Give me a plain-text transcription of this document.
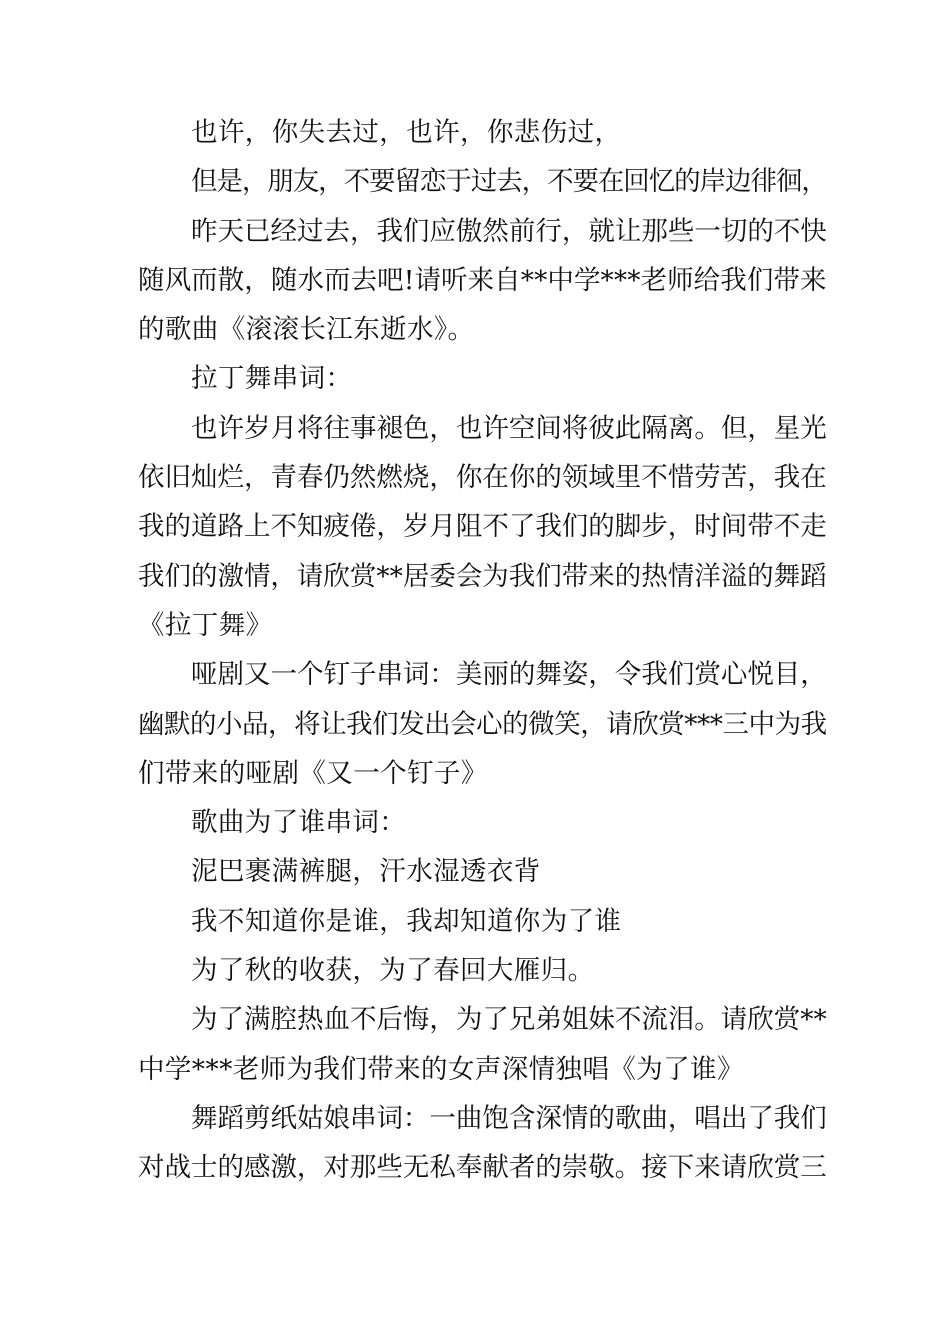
也许，你失去过，也许，你悲伤过，
但是，朋友，不要留恋于过去，不要在回忆的岸边徘徊，
昨天已经过去，我们应傲然前行，就让那些一切的不快
随风而散，随水而去吧!请听来自**中学***老师给我们带来
的歌曲《滚滚长江东逝水》。
拉丁舞串词：
也许岁月将往事褪色，也许空间将彼此隔离。但，星光
依旧灿烂，青春仍然燃烧，你在你的领域里不惜劳苦，我在
我的道路上不知疲倦，岁月阻不了我们的脚步，时间带不走
我们的激情，请欣赏**居委会为我们带来的热情洋溢的舞蹈
《拉丁舞》
哑剧又一个钉子串词：美丽的舞姿，令我们赏心悦目，
幽默的小品，将让我们发出会心的微笑，请欣赏***三中为我
们带来的哑剧《又一个钉子》
歌曲为了谁串词：
泥巴裹满裤腿，汗水湿透衣背
我不知道你是谁，我却知道你为了谁
为了秋的收获，为了春回大雁归。
为了满腔热血不后悔，为了兄弟姐妹不流泪。请欣赏**
中学***老师为我们带来的女声深情独唱《为了谁》
舞蹈剪纸姑娘串词：一曲饱含深情的歌曲，唱出了我们
对战士的感激，对那些无私奉献者的崇敬。接下来请欣赏三
